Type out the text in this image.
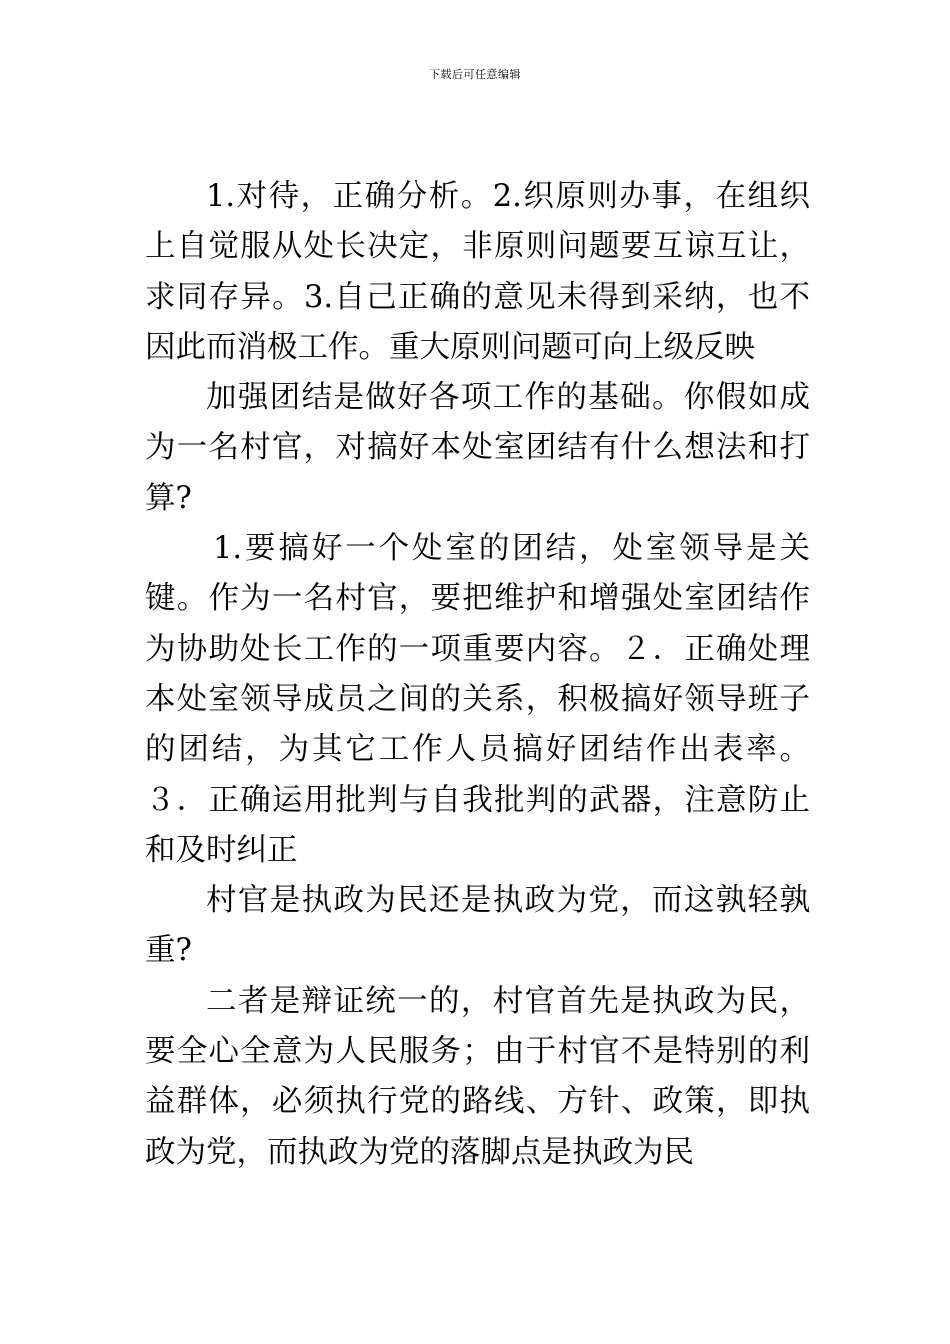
下载后可任意编辑

1.对待，正确分析。2.织原则办事，在组织上自觉服从处长决定，非原则问题要互谅互让，求同存异。3.自己正确的意见未得到采纳，也不因此而消极工作。重大原则问题可向上级反映

加强团结是做好各项工作的基础。你假如成为一名村官，对搞好本处室团结有什么想法和打算?

1.要搞好一个处室的团结，处室领导是关键。作为一名村官，要把维护和增强处室团结作为协助处长工作的一项重要内容。２．正确处理本处室领导成员之间的关系，积极搞好领导班子的团结，为其它工作人员搞好团结作出表率。３．正确运用批判与自我批判的武器，注意防止和及时纠正

村官是执政为民还是执政为党，而这孰轻孰重?

二者是辩证统一的，村官首先是执政为民，要全心全意为人民服务；由于村官不是特别的利益群体，必须执行党的路线、方针、政策，即执政为党，而执政为党的落脚点是执政为民
